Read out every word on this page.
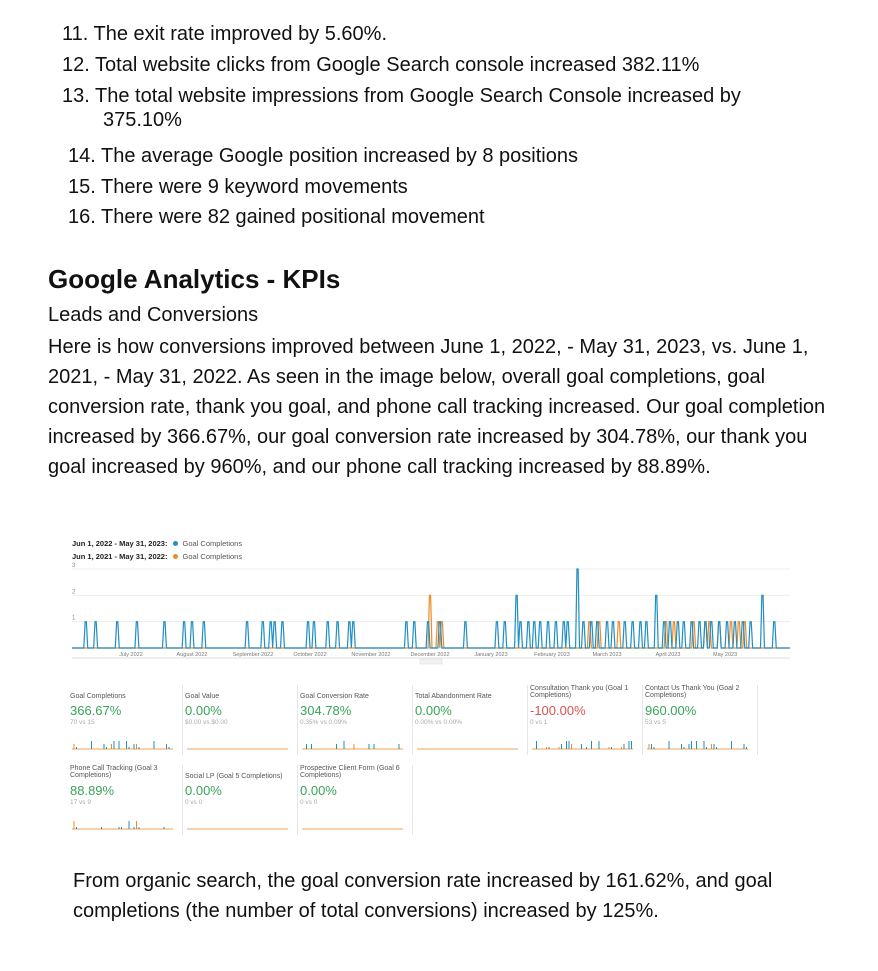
11. The exit rate improved by 5.60%.
12. Total website clicks from Google Search console increased 382.11%
13. The total website impressions from Google Search Console increased by
375.10%
14. The average Google position increased by 8 positions
15. There were 9 keyword movements
16. There were 82 gained positional movement
Google Analytics - KPIs
Leads and Conversions
Here is how conversions improved between June 1, 2022, - May 31, 2023, vs. June 1, 2021, - May 31, 2022. As seen in the image below, overall goal completions, goal conversion rate, thank you goal, and phone call tracking increased. Our goal completion increased by 366.67%, our goal conversion rate increased by 304.78%, our thank you goal increased by 960%, and our phone call tracking increased by 88.89%.
Jun 1, 2022 - May 31, 2023: Goal Completions
Jun 1, 2021 - May 31, 2022: Goal Completions
1
2
3
July 2022	August 2022	September 2022	October 2022	November 2022	December 2022	January 2023	February 2023	March 2023	April 2023	May 2023
Goal Completions
366.67%
70 vs 15
Goal Value
0.00%
$0.00 vs $0.00
Goal Conversion Rate
304.78%
0.35% vs 0.09%
Total Abandonment Rate
0.00%
0.00% vs 0.00%
Consultation Thank you (Goal 1 Completions)
-100.00%
0 vs 1
Contact Us Thank You (Goal 2 Completions)
960.00%
53 vs 5
Phone Call Tracking (Goal 3 Completions)
88.89%
17 vs 9
Social LP (Goal 5 Completions)
0.00%
0 vs 0
Prospective Client Form (Goal 6 Completions)
0.00%
0 vs 0
From organic search, the goal conversion rate increased by 161.62%, and goal completions (the number of total conversions) increased by 125%.
